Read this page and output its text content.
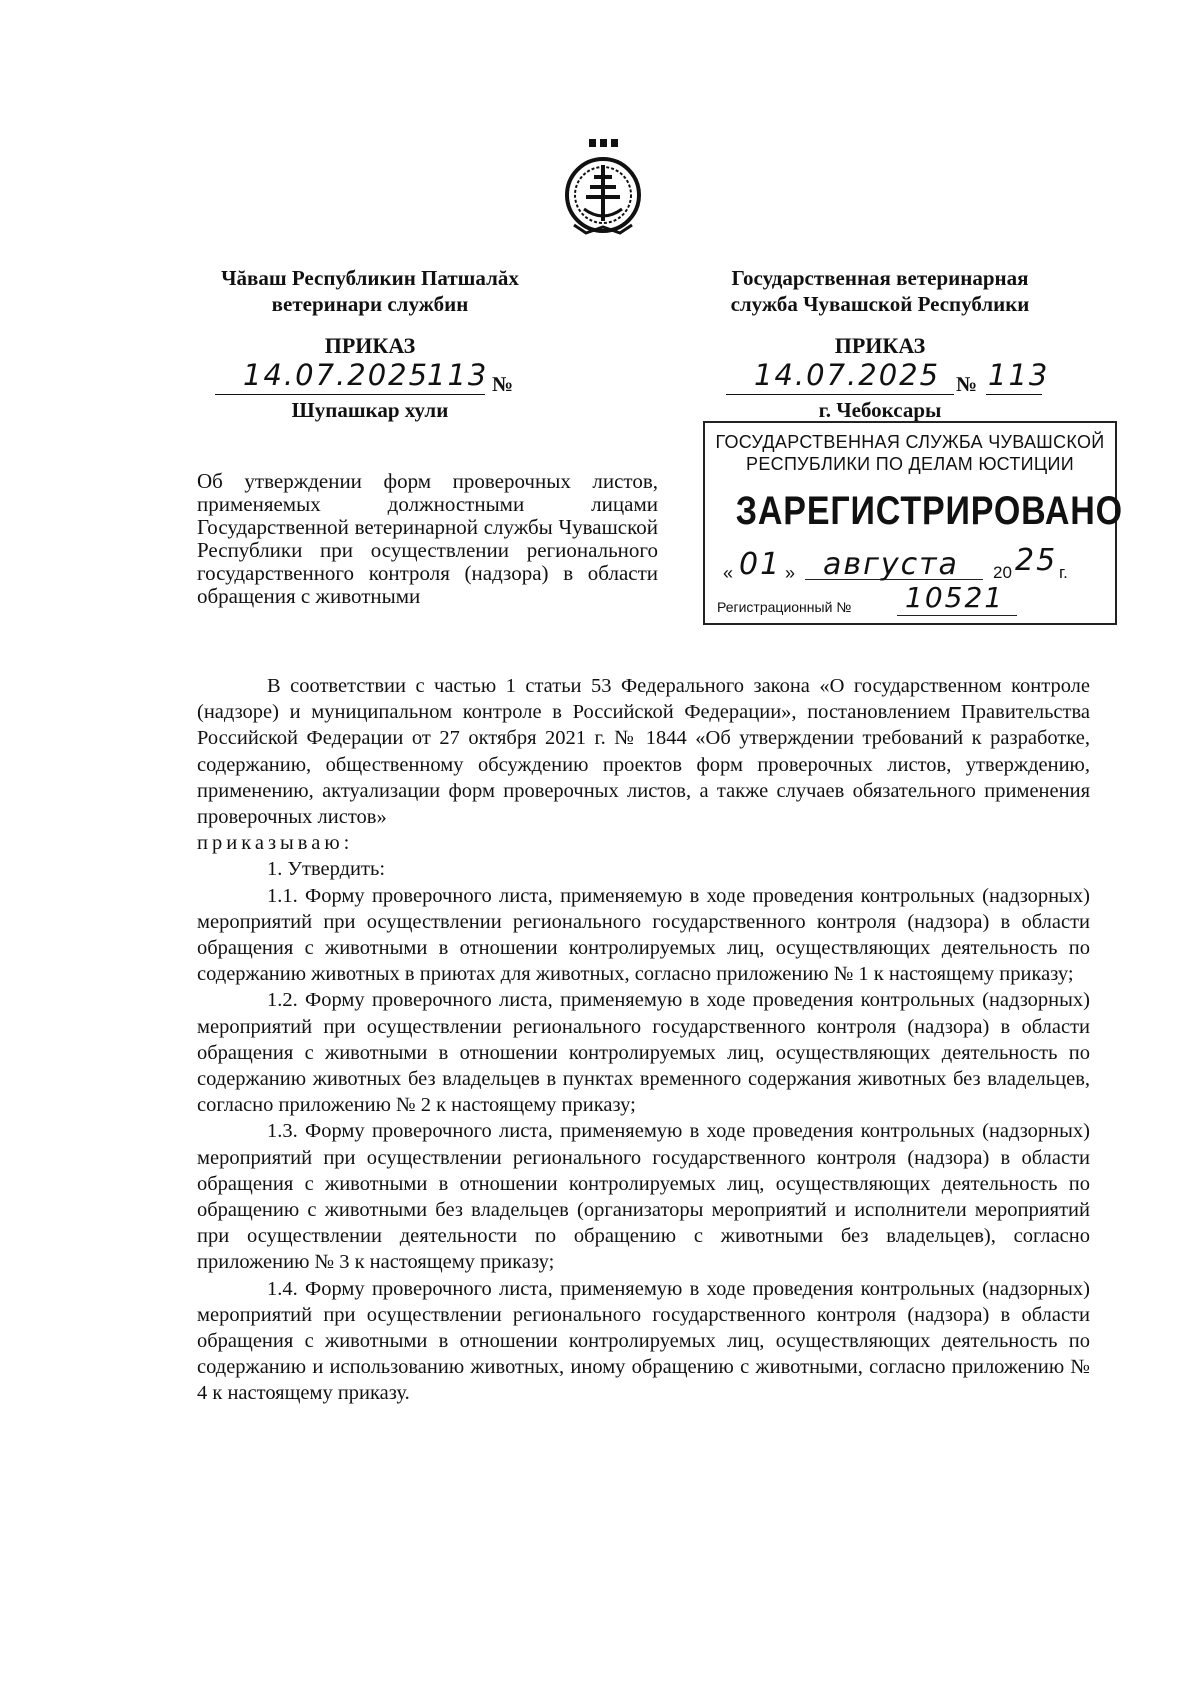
Чăваш Республикин Патшалăх
ветеринари службин
ПРИКАЗ
14.07.2025
113 №
Шупашкар хули
Государственная ветеринарная
служба Чувашской Республики
ПРИКАЗ
14.07.2025 № 113
г. Чебоксары
Об утверждении форм проверочных листов, применяемых должностными лицами Государственной ветеринарной службы Чувашской Республики при осуществлении регионального государственного контроля (надзора) в области обращения с животными
ГОСУДАРСТВЕННАЯ СЛУЖБА ЧУВАШСКОЙ
РЕСПУБЛИКИ ПО ДЕЛАМ ЮСТИЦИИ
ЗАРЕГИСТРИРОВАНО
« 01 » августа 20 25 г.
Регистрационный № 10521

В соответствии с частью 1 статьи 53 Федерального закона «О государственном контроле (надзоре) и муниципальном контроле в Российской Федерации», постановлением Правительства Российской Федерации от 27 октября 2021 г. № 1844 «Об утверждении требований к разработке, содержанию, общественному обсуждению проектов форм проверочных листов, утверждению, применению, актуализации форм проверочных листов, а также случаев обязательного применения проверочных листов»

приказываю:

1. Утвердить:

1.1. Форму проверочного листа, применяемую в ходе проведения контрольных (надзорных) мероприятий при осуществлении регионального государственного контроля (надзора) в области обращения с животными в отношении контролируемых лиц, осуществляющих деятельность по содержанию животных в приютах для животных, согласно приложению № 1 к настоящему приказу;

1.2. Форму проверочного листа, применяемую в ходе проведения контрольных (надзорных) мероприятий при осуществлении регионального государственного контроля (надзора) в области обращения с животными в отношении контролируемых лиц, осуществляющих деятельность по содержанию животных без владельцев в пунктах временного содержания животных без владельцев, согласно приложению № 2 к настоящему приказу;

1.3. Форму проверочного листа, применяемую в ходе проведения контрольных (надзорных) мероприятий при осуществлении регионального государственного контроля (надзора) в области обращения с животными в отношении контролируемых лиц, осуществляющих деятельность по обращению с животными без владельцев (организаторы мероприятий и исполнители мероприятий при осуществлении деятельности по обращению с животными без владельцев), согласно приложению № 3 к настоящему приказу;

1.4. Форму проверочного листа, применяемую в ходе проведения контрольных (надзорных) мероприятий при осуществлении регионального государственного контроля (надзора) в области обращения с животными в отношении контролируемых лиц, осуществляющих деятельность по содержанию и использованию животных, иному обращению с животными, согласно приложению № 4 к настоящему приказу.
